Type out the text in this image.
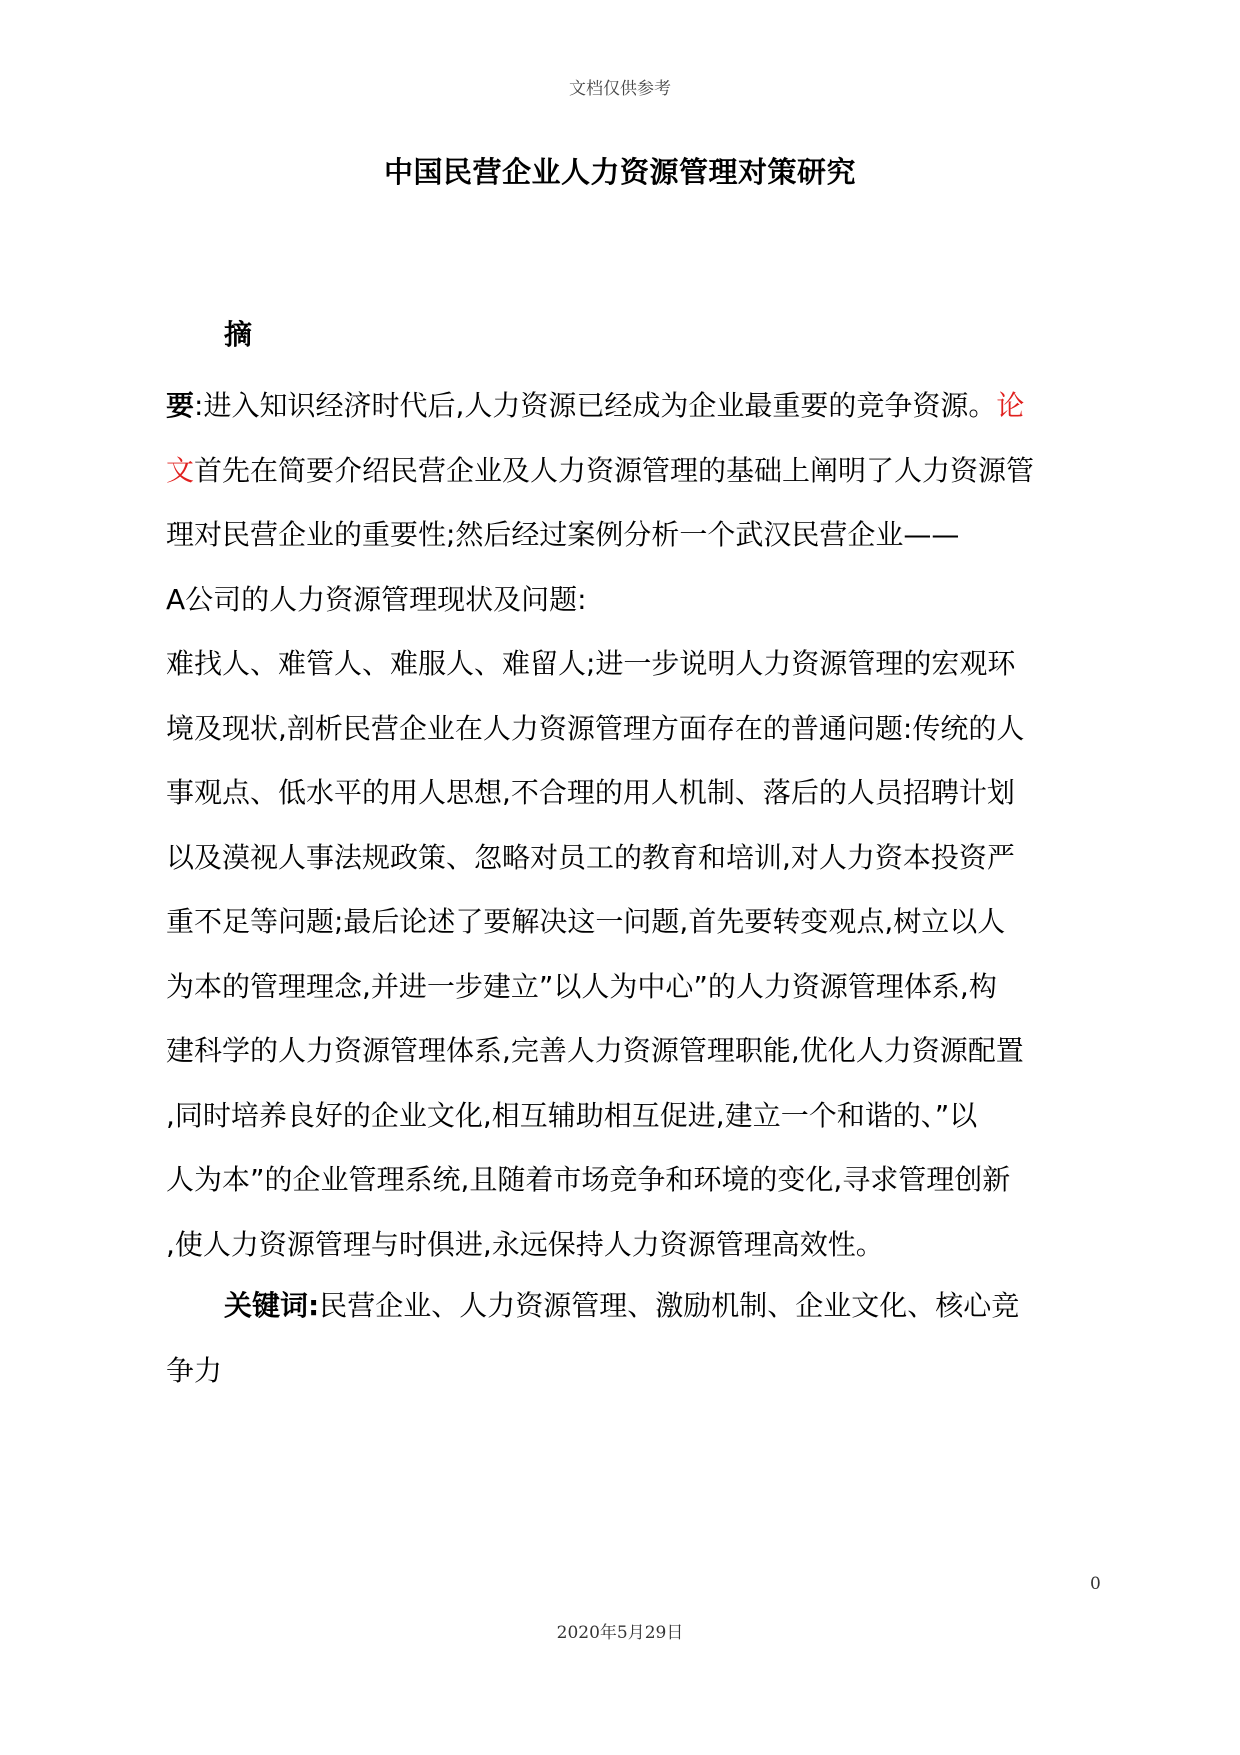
文档仅供参考
中国民营企业人力资源管理对策研究
摘
要:进入知识经济时代后,人力资源已经成为企业最重要的竞争资源。论
文首先在简要介绍民营企业及人力资源管理的基础上阐明了人力资源管
理对民营企业的重要性;然后经过案例分析一个武汉民营企业——
A公司的人力资源管理现状及问题:
难找人、难管人、难服人、难留人;进一步说明人力资源管理的宏观环
境及现状,剖析民营企业在人力资源管理方面存在的普通问题:传统的人
事观点、低水平的用人思想,不合理的用人机制、落后的人员招聘计划
以及漠视人事法规政策、忽略对员工的教育和培训,对人力资本投资严
重不足等问题;最后论述了要解决这一问题,首先要转变观点,树立以人
为本的管理理念,并进一步建立”以人为中心”的人力资源管理体系,构
建科学的人力资源管理体系,完善人力资源管理职能,优化人力资源配置
,同时培养良好的企业文化,相互辅助相互促进,建立一个和谐的、”以
人为本”的企业管理系统,且随着市场竞争和环境的变化,寻求管理创新
,使人力资源管理与时俱进,永远保持人力资源管理高效性。
关键词:民营企业、人力资源管理、激励机制、企业文化、核心竞
争力
0
2020年5月29日
